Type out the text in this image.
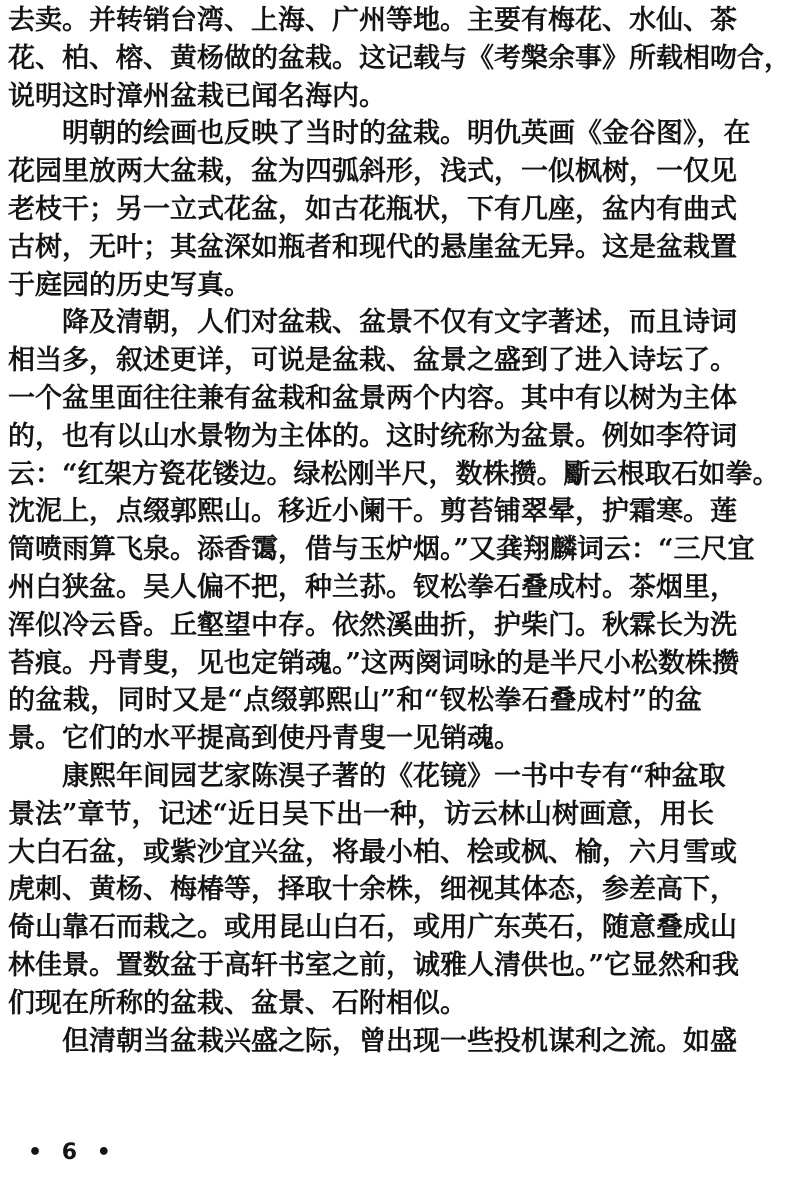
去卖。并转销台湾、上海、广州等地。主要有梅花、水仙、茶
花、柏、榕、黄杨做的盆栽。这记载与《考槃余事》所载相吻合，
说明这时漳州盆栽已闻名海内。

明朝的绘画也反映了当时的盆栽。明仇英画《金谷图》，在
花园里放两大盆栽，盆为四弧斜形，浅式，一似枫树，一仅见
老枝干；另一立式花盆，如古花瓶状，下有几座，盆内有曲式
古树，无叶；其盆深如瓶者和现代的悬崖盆无异。这是盆栽置
于庭园的历史写真。

降及清朝，人们对盆栽、盆景不仅有文字著述，而且诗词
相当多，叙述更详，可说是盆栽、盆景之盛到了进入诗坛了。
一个盆里面往往兼有盆栽和盆景两个内容。其中有以树为主体
的，也有以山水景物为主体的。这时统称为盆景。例如李符词
云：“红架方瓷花镂边。绿松刚半尺，数株攒。斸云根取石如拳。
沈泥上，点缀郭熙山。移近小阑干。剪苔铺翠晕，护霜寒。莲
筒喷雨算飞泉。添香霭，借与玉炉烟。”又龚翔麟词云：“三尺宜
州白狭盆。吴人偏不把，种兰荪。钗松拳石叠成村。茶烟里，
浑似冷云昏。丘壑望中存。依然溪曲折，护柴门。秋霖长为洗
苔痕。丹青叟，见也定销魂。”这两阕词咏的是半尺小松数株攒
的盆栽，同时又是“点缀郭熙山”和“钗松拳石叠成村”的盆
景。它们的水平提高到使丹青叟一见销魂。

康熙年间园艺家陈淏子著的《花镜》一书中专有“种盆取
景法”章节，记述“近日吴下出一种，访云林山树画意，用长
大白石盆，或紫沙宜兴盆，将最小柏、桧或枫、榆，六月雪或
虎刺、黄杨、梅椿等，择取十余株，细视其体态，参差高下，
倚山靠石而栽之。或用昆山白石，或用广东英石，随意叠成山
林佳景。置数盆于高轩书室之前，诚雅人清供也。”它显然和我
们现在所称的盆栽、盆景、石附相似。

但清朝当盆栽兴盛之际，曾出现一些投机谋利之流。如盛

• 6 •
